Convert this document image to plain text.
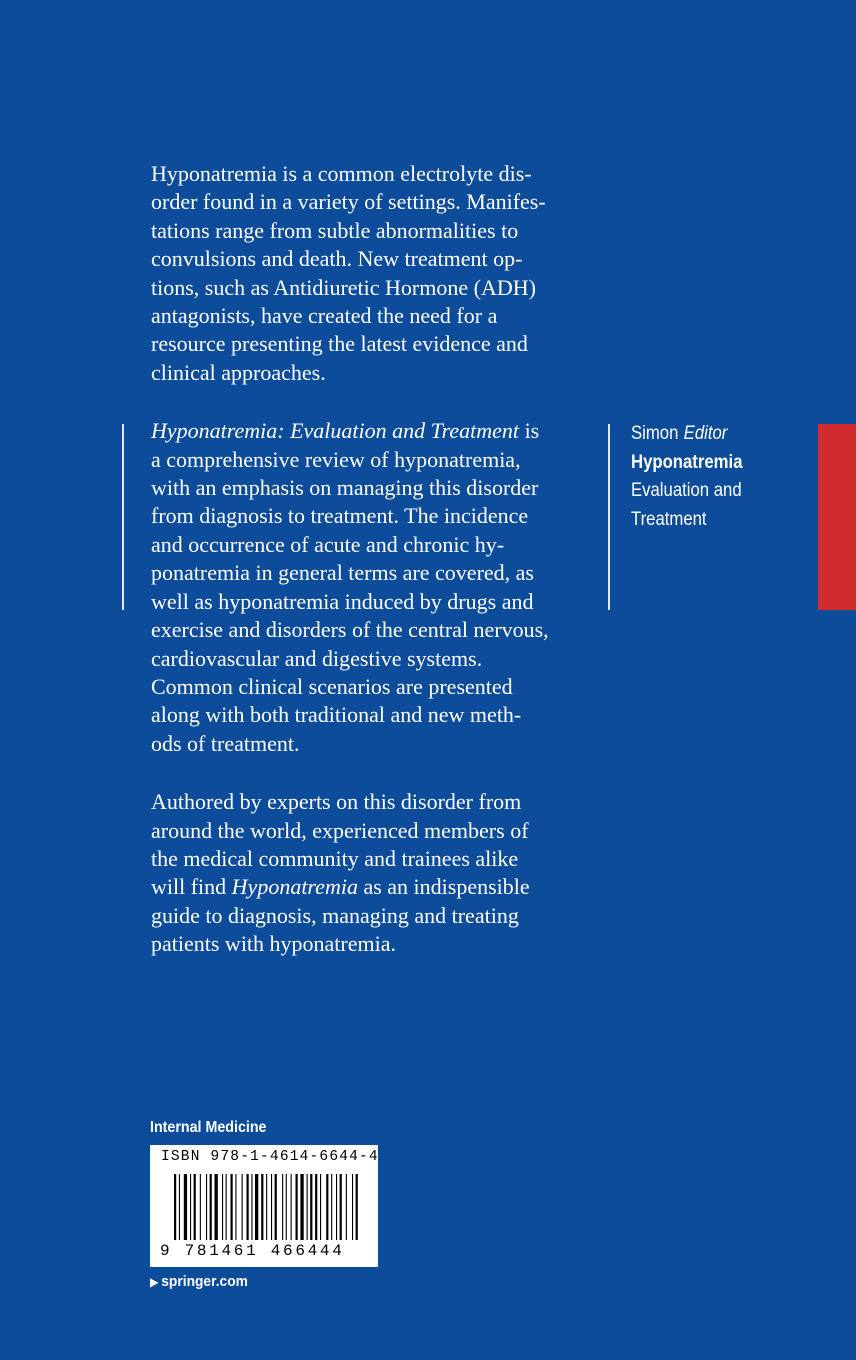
Hyponatremia is a common electrolyte dis-
order found in a variety of settings. Manifes-
tations range from subtle abnormalities to
convulsions and death. New treatment op-
tions, such as Antidiuretic Hormone (ADH)
antagonists, have created the need for a
resource presenting the latest evidence and
clinical approaches.

Hyponatremia: Evaluation and Treatment is
a comprehensive review of hyponatremia,
with an emphasis on managing this disorder
from diagnosis to treatment. The incidence
and occurrence of acute and chronic hy-
ponatremia in general terms are covered, as
well as hyponatremia induced by drugs and
exercise and disorders of the central nervous,
cardiovascular and digestive systems.
Common clinical scenarios are presented
along with both traditional and new meth-
ods of treatment.

Authored by experts on this disorder from
around the world, experienced members of
the medical community and trainees alike
will find Hyponatremia as an indispensible
guide to diagnosis, managing and treating
patients with hyponatremia.

Simon Editor
Hyponatremia
Evaluation and
Treatment
Internal Medicine
ISBN 978-1-4614-6644-4
9 781461 466444
▶ springer.com
